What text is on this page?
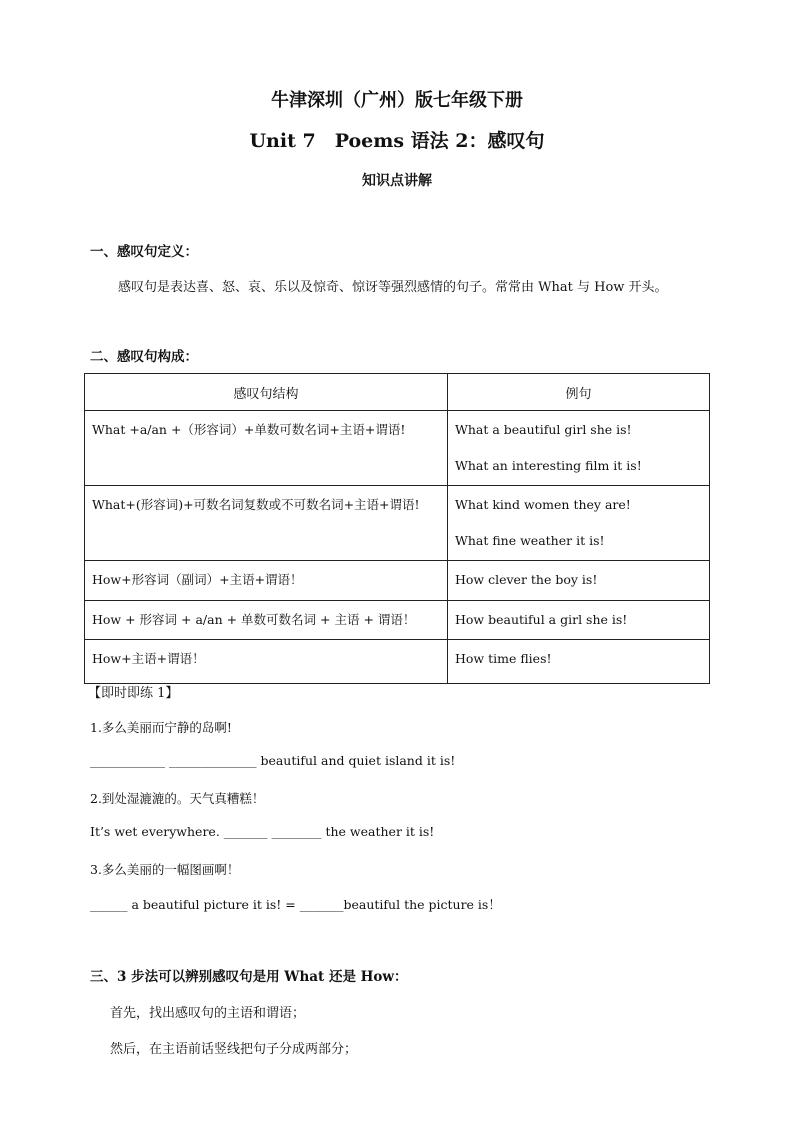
牛津深圳（广州）版七年级下册
Unit 7　Poems 语法 2：感叹句
知识点讲解
一、感叹句定义：
感叹句是表达喜、怒、哀、乐以及惊奇、惊讶等强烈感情的句子。常常由 What 与 How 开头。
二、感叹句构成：
感叹句结构	例句

What +a/an +（形容词）+单数可数名词+主语+谓语!	What a beautiful girl she is!
What an interesting film it is!

What+(形容词)+可数名词复数或不可数名词+主语+谓语!	What kind women they are!
What fine weather it is!

How+形容词（副词）+主语+谓语！	How clever the boy is!

How + 形容词 + a/an + 单数可数名词 + 主语 + 谓语！	How beautiful a girl she is!

How+主语+谓语！	How time flies!
【即时即练 1】
1.多么美丽而宁静的岛啊!
____________ ______________ beautiful and quiet island it is!
2.到处湿漉漉的。天气真糟糕！
It’s wet everywhere. _______ ________ the weather it is!
3.多么美丽的一幅图画啊！
______ a beautiful picture it is! = _______beautiful the picture is！
三、3 步法可以辨别感叹句是用 What 还是 How：
首先，找出感叹句的主语和谓语；
然后，在主语前话竖线把句子分成两部分；
